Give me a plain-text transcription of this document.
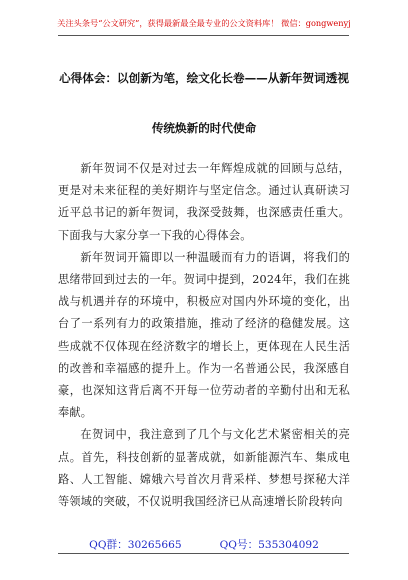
关注头条号“公文研究”，获得最新最全最专业的公文资料库！ 微信：gongwenyj
心得体会：以创新为笔，绘文化长卷——从新年贺词透视
传统焕新的时代使命

新年贺词不仅是对过去一年辉煌成就的回顾与总结，更是对未来征程的美好期许与坚定信念。通过认真研读习近平总书记的新年贺词，我深受鼓舞，也深感责任重大。下面我与大家分享一下我的心得体会。

新年贺词开篇即以一种温暖而有力的语调，将我们的思绪带回到过去的一年。贺词中提到，2024年，我们在挑战与机遇并存的环境中，积极应对国内外环境的变化，出台了一系列有力的政策措施，推动了经济的稳健发展。这些成就不仅体现在经济数字的增长上，更体现在人民生活的改善和幸福感的提升上。作为一名普通公民，我深感自豪，也深知这背后离不开每一位劳动者的辛勤付出和无私奉献。

在贺词中，我注意到了几个与文化艺术紧密相关的亮点。首先，科技创新的显著成就，如新能源汽车、集成电路、人工智能、嫦娥六号首次月背采样、梦想号探秘大洋等领域的突破，不仅说明我国经济已从高速增长阶段转向

QQ群：30265665	QQ号：535304092
